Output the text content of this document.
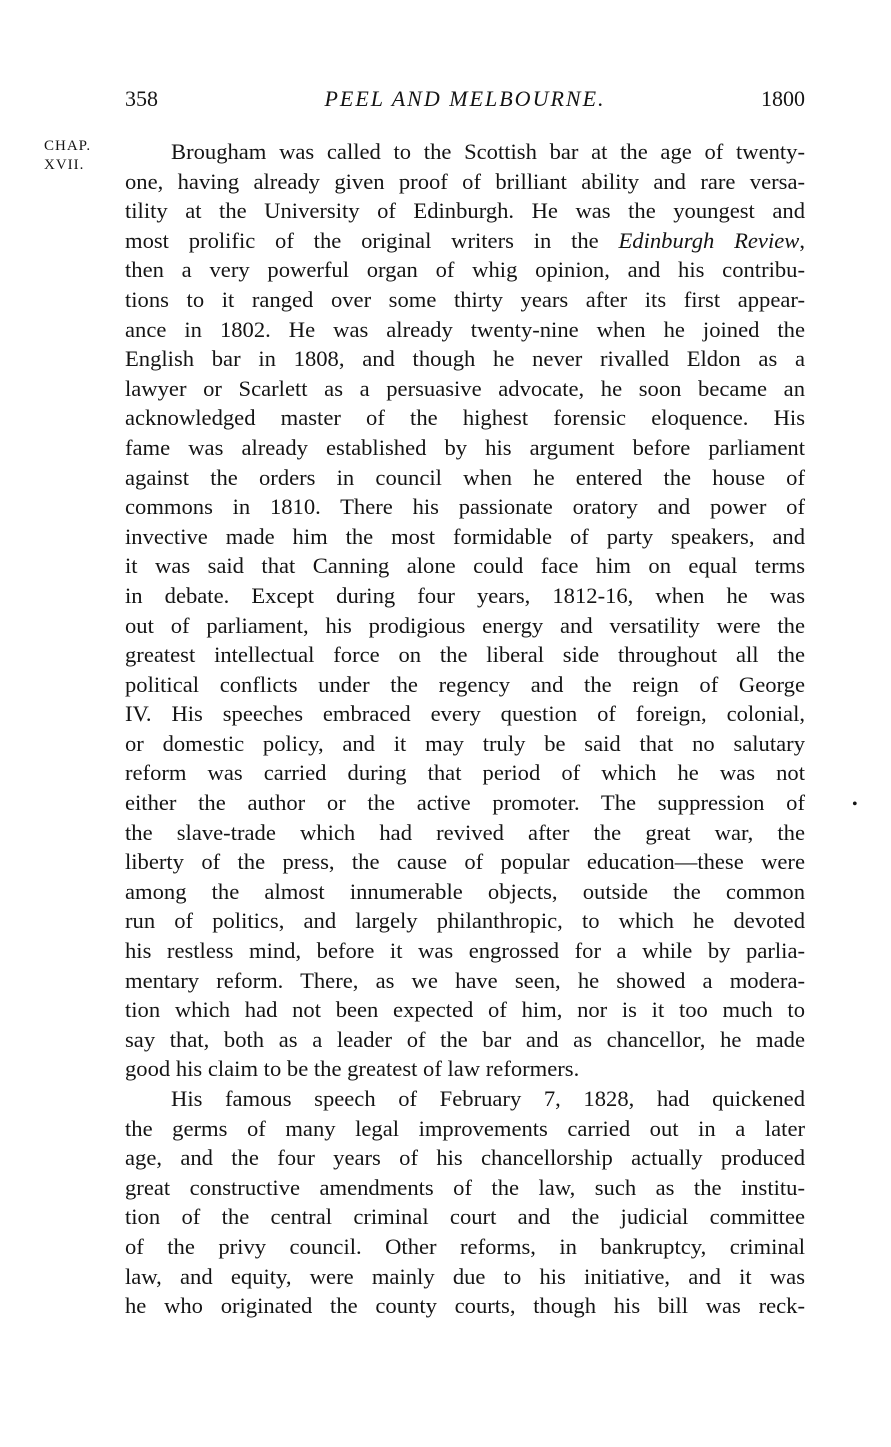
358	PEEL AND MELBOURNE.	1800
CHAP.
XVII.
Brougham was called to the Scottish bar at the age of twenty-
one, having already given proof of brilliant ability and rare versa-
tility at the University of Edinburgh. He was the youngest and
most prolific of the original writers in the Edinburgh Review,
then a very powerful organ of whig opinion, and his contribu-
tions to it ranged over some thirty years after its first appear-
ance in 1802. He was already twenty-nine when he joined the
English bar in 1808, and though he never rivalled Eldon as a
lawyer or Scarlett as a persuasive advocate, he soon became an
acknowledged master of the highest forensic eloquence. His
fame was already established by his argument before parliament
against the orders in council when he entered the house of
commons in 1810. There his passionate oratory and power of
invective made him the most formidable of party speakers, and
it was said that Canning alone could face him on equal terms
in debate. Except during four years, 1812-16, when he was
out of parliament, his prodigious energy and versatility were the
greatest intellectual force on the liberal side throughout all the
political conflicts under the regency and the reign of George
IV. His speeches embraced every question of foreign, colonial,
or domestic policy, and it may truly be said that no salutary
reform was carried during that period of which he was not
either the author or the active promoter. The suppression of
the slave-trade which had revived after the great war, the
liberty of the press, the cause of popular education—these were
among the almost innumerable objects, outside the common
run of politics, and largely philanthropic, to which he devoted
his restless mind, before it was engrossed for a while by parlia-
mentary reform. There, as we have seen, he showed a modera-
tion which had not been expected of him, nor is it too much to
say that, both as a leader of the bar and as chancellor, he made
good his claim to be the greatest of law reformers.
His famous speech of February 7, 1828, had quickened
the germs of many legal improvements carried out in a later
age, and the four years of his chancellorship actually produced
great constructive amendments of the law, such as the institu-
tion of the central criminal court and the judicial committee
of the privy council. Other reforms, in bankruptcy, criminal
law, and equity, were mainly due to his initiative, and it was
he who originated the county courts, though his bill was reck-
•
